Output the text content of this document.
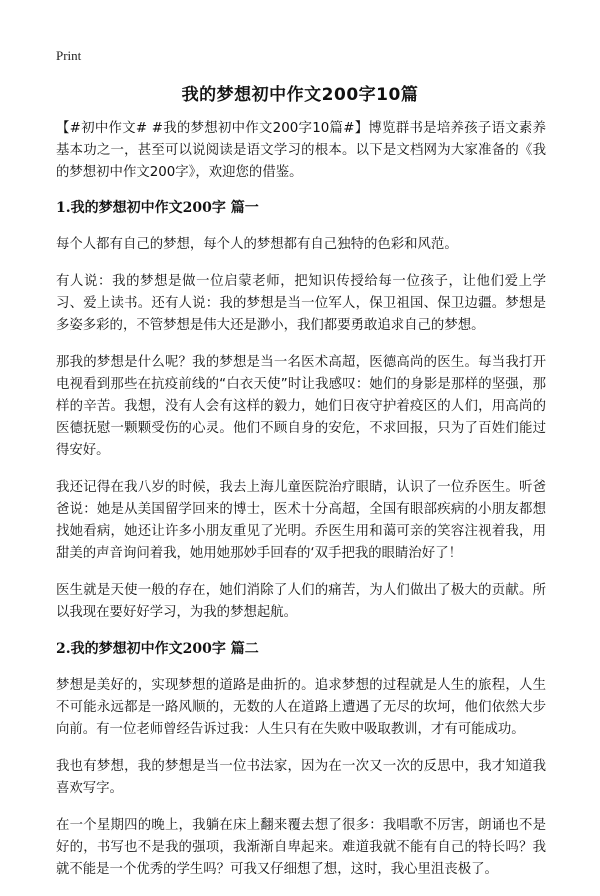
Print
我的梦想初中作文200字10篇

【#初中作文# #我的梦想初中作文200字10篇#】博览群书是培养孩子语文素养基本功之一，甚至可以说阅读是语文学习的根本。以下是文档网为大家准备的《我的梦想初中作文200字》，欢迎您的借鉴。

1.我的梦想初中作文200字 篇一

每个人都有自己的梦想，每个人的梦想都有自己独特的色彩和风范。

有人说：我的梦想是做一位启蒙老师，把知识传授给每一位孩子，让他们爱上学习、爱上读书。还有人说：我的梦想是当一位军人，保卫祖国、保卫边疆。梦想是多姿多彩的，不管梦想是伟大还是渺小，我们都要勇敢追求自己的梦想。

那我的梦想是什么呢？我的梦想是当一名医术高超，医德高尚的医生。每当我打开电视看到那些在抗疫前线的“白衣天使”时让我感叹：她们的身影是那样的坚强，那样的辛苦。我想，没有人会有这样的毅力，她们日夜守护着疫区的人们，用高尚的医德抚慰一颗颗受伤的心灵。他们不顾自身的安危，不求回报，只为了百姓们能过得安好。

我还记得在我八岁的时候，我去上海儿童医院治疗眼睛，认识了一位乔医生。听爸爸说：她是从美国留学回来的博士，医术十分高超，全国有眼部疾病的小朋友都想找她看病，她还让许多小朋友重见了光明。乔医生用和蔼可亲的笑容注视着我，用甜美的声音询问着我，她用她那妙手回春的‘双手把我的眼睛治好了！

医生就是天使一般的存在，她们消除了人们的痛苦，为人们做出了极大的贡献。所以我现在要好好学习，为我的梦想起航。

2.我的梦想初中作文200字 篇二

梦想是美好的，实现梦想的道路是曲折的。追求梦想的过程就是人生的旅程，人生不可能永远都是一路风顺的，无数的人在道路上遭遇了无尽的坎坷，他们依然大步向前。有一位老师曾经告诉过我：人生只有在失败中吸取教训，才有可能成功。

我也有梦想，我的梦想是当一位书法家，因为在一次又一次的反思中，我才知道我喜欢写字。

在一个星期四的晚上，我躺在床上翻来覆去想了很多：我唱歌不厉害，朗诵也不是好的，书写也不是我的强项，我渐渐自卑起来。难道我就不能有自己的特长吗？我就不能是一个优秀的学生吗？可我又仔细想了想，这时，我心里沮丧极了。
